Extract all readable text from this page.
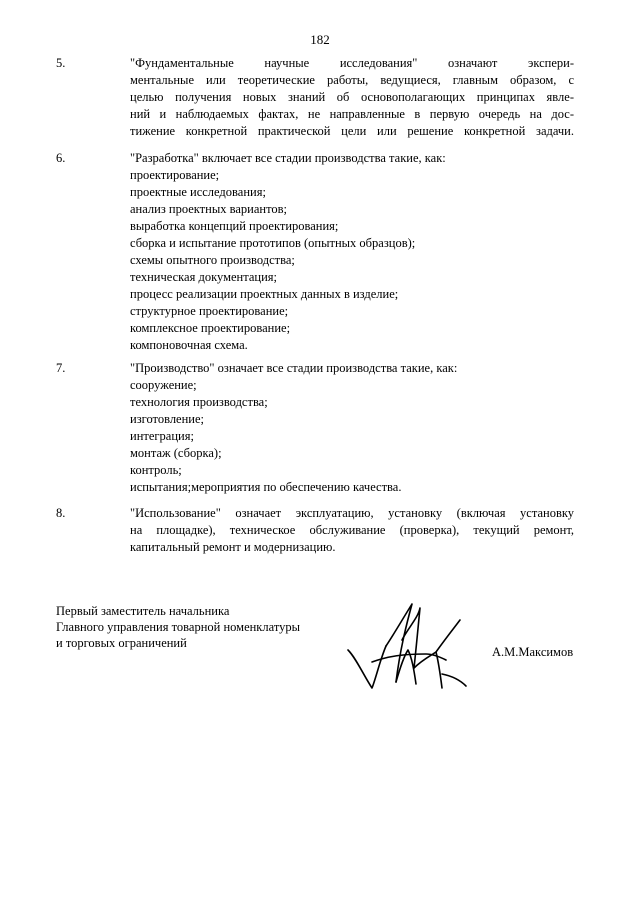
182
5.	"Фундаментальные научные исследования" означают экспери-
ментальные или теоретические работы, ведущиеся, главным образом, с
целью получения новых знаний об основополагающих принципах явле-
ний и наблюдаемых фактах, не направленные в первую очередь на дос-
тижение конкретной практической цели или решение конкретной задачи.
6.	"Разработка" включает все стадии производства такие, как:
проектирование;
проектные исследования;
анализ проектных вариантов;
выработка концепций проектирования;
сборка и испытание прототипов (опытных образцов);
схемы опытного производства;
техническая документация;
процесс реализации проектных данных в изделие;
структурное проектирование;
комплексное проектирование;
компоновочная схема.
7.	"Производство" означает все стадии производства такие, как:
сооружение;
технология производства;
изготовление;
интеграция;
монтаж (сборка);
контроль;
испытания;мероприятия по обеспечению качества.
8.	"Использование" означает эксплуатацию, установку (включая установку
на площадке), техническое обслуживание (проверка), текущий ремонт,
капитальный ремонт и модернизацию.
Первый заместитель начальника
Главного управления товарной номенклатуры
и торговых ограничений
А.М.Максимов
